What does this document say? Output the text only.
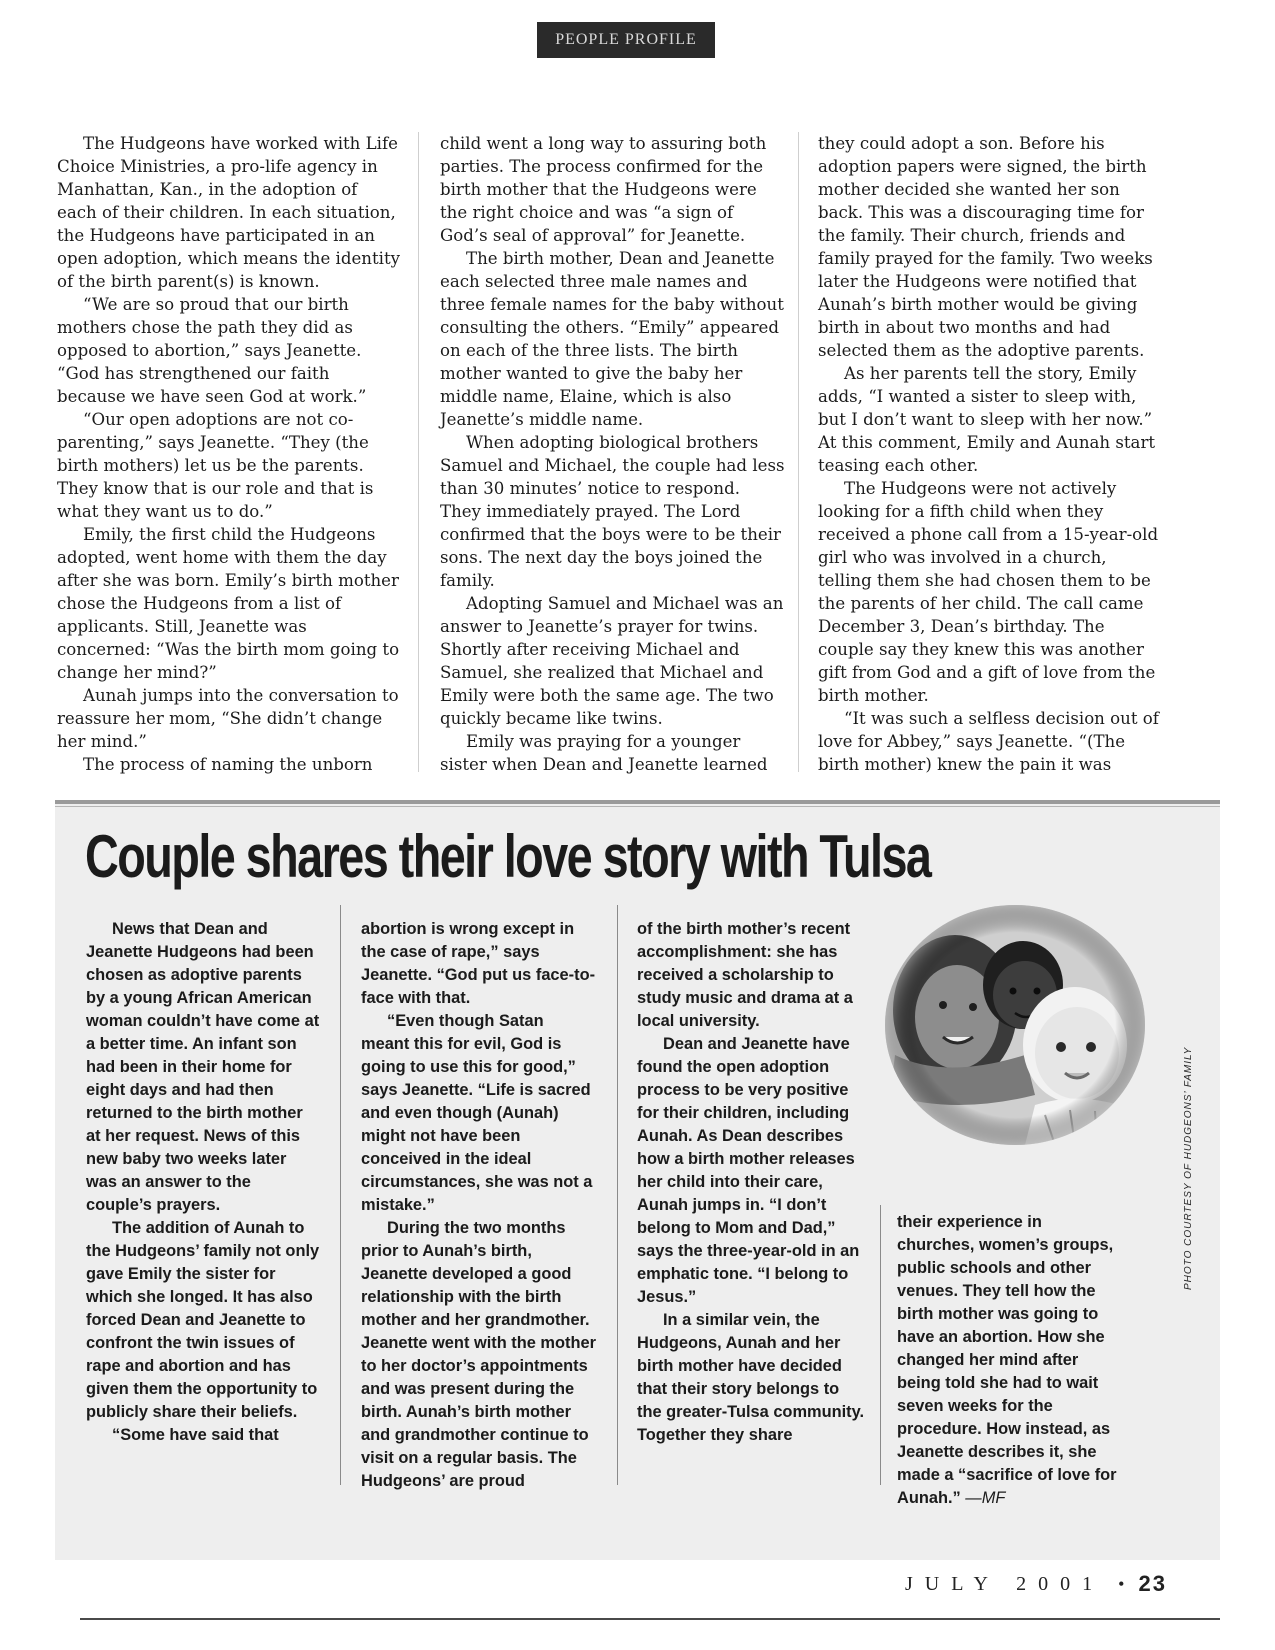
PEOPLE PROFILE

The Hudgeons have worked with Life Choice Ministries, a pro-life agency in Manhattan, Kan., in the adoption of each of their children. In each situation, the Hudgeons have participated in an open adoption, which means the identity of the birth parent(s) is known.

“We are so proud that our birth mothers chose the path they did as opposed to abortion,” says Jeanette. “God has strengthened our faith because we have seen God at work.”

“Our open adoptions are not co-parenting,” says Jeanette. “They (the birth mothers) let us be the parents. They know that is our role and that is what they want us to do.”

Emily, the first child the Hudgeons adopted, went home with them the day after she was born. Emily’s birth mother chose the Hudgeons from a list of applicants. Still, Jeanette was concerned: “Was the birth mom going to change her mind?”

Aunah jumps into the conversation to reassure her mom, “She didn’t change her mind.”

The process of naming the unborn

child went a long way to assuring both parties. The process confirmed for the birth mother that the Hudgeons were the right choice and was “a sign of God’s seal of approval” for Jeanette.

The birth mother, Dean and Jeanette each selected three male names and three female names for the baby without consulting the others. “Emily” appeared on each of the three lists. The birth mother wanted to give the baby her middle name, Elaine, which is also Jeanette’s middle name.

When adopting biological brothers Samuel and Michael, the couple had less than 30 minutes’ notice to respond. They immediately prayed. The Lord confirmed that the boys were to be their sons. The next day the boys joined the family.

Adopting Samuel and Michael was an answer to Jeanette’s prayer for twins. Shortly after receiving Michael and Samuel, she realized that Michael and Emily were both the same age. The two quickly became like twins.

Emily was praying for a younger sister when Dean and Jeanette learned

they could adopt a son. Before his adoption papers were signed, the birth mother decided she wanted her son back. This was a discouraging time for the family. Their church, friends and family prayed for the family. Two weeks later the Hudgeons were notified that Aunah’s birth mother would be giving birth in about two months and had selected them as the adoptive parents.

As her parents tell the story, Emily adds, “I wanted a sister to sleep with, but I don’t want to sleep with her now.” At this comment, Emily and Aunah start teasing each other.

The Hudgeons were not actively looking for a fifth child when they received a phone call from a 15-year-old girl who was involved in a church, telling them she had chosen them to be the parents of her child. The call came December 3, Dean’s birthday. The couple say they knew this was another gift from God and a gift of love from the birth mother.

“It was such a selfless decision out of love for Abbey,” says Jeanette. “(The birth mother) knew the pain it was

Couple shares their love story with Tulsa

News that Dean and Jeanette Hudgeons had been chosen as adoptive parents by a young African American woman couldn’t have come at a better time. An infant son had been in their home for eight days and had then returned to the birth mother at her request. News of this new baby two weeks later was an answer to the couple’s prayers.

The addition of Aunah to the Hudgeons’ family not only gave Emily the sister for which she longed. It has also forced Dean and Jeanette to confront the twin issues of rape and abortion and has given them the opportunity to publicly share their beliefs.

“Some have said that

abortion is wrong except in the case of rape,” says Jeanette. “God put us face-to-face with that.

“Even though Satan meant this for evil, God is going to use this for good,” says Jeanette. “Life is sacred and even though (Aunah) might not have been conceived in the ideal circumstances, she was not a mistake.”

During the two months prior to Aunah’s birth, Jeanette developed a good relationship with the birth mother and her grandmother. Jeanette went with the mother to her doctor’s appointments and was present during the birth. Aunah’s birth mother and grandmother continue to visit on a regular basis. The Hudgeons’ are proud

of the birth mother’s recent accomplishment: she has received a scholarship to study music and drama at a local university.

Dean and Jeanette have found the open adoption process to be very positive for their children, including Aunah. As Dean describes how a birth mother releases her child into their care, Aunah jumps in. “I don’t belong to Mom and Dad,” says the three-year-old in an emphatic tone. “I belong to Jesus.”

In a similar vein, the Hudgeons, Aunah and her birth mother have decided that their story belongs to the greater-Tulsa community. Together they share

their experience in churches, women’s groups, public schools and other venues. They tell how the birth mother was going to have an abortion. How she changed her mind after being told she had to wait seven weeks for the procedure. How instead, as Jeanette describes it, she made a “sacrifice of love for Aunah.” —MF

PHOTO COURTESY OF HUDGEONS’ FAMILY
JULY 2001 • 23
